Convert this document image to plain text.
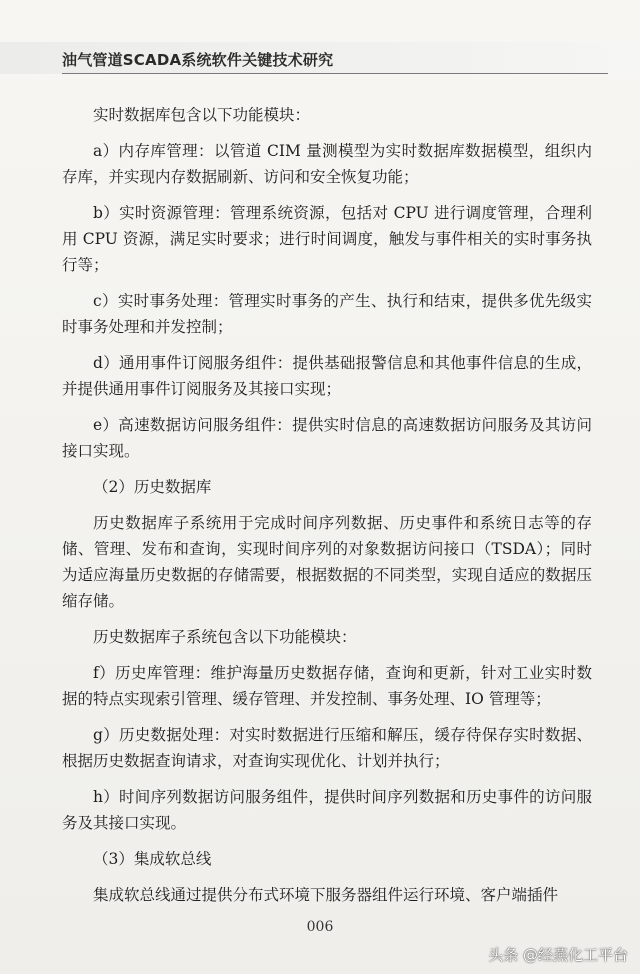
油气管道SCADA系统软件关键技术研究

实时数据库包含以下功能模块：

a）内存库管理：以管道 CIM 量测模型为实时数据库数据模型，组织内存库，并实现内存数据刷新、访问和安全恢复功能；

b）实时资源管理：管理系统资源，包括对 CPU 进行调度管理，合理利用 CPU 资源，满足实时要求；进行时间调度，触发与事件相关的实时事务执行等；

c）实时事务处理：管理实时事务的产生、执行和结束，提供多优先级实时事务处理和并发控制；

d）通用事件订阅服务组件：提供基础报警信息和其他事件信息的生成，并提供通用事件订阅服务及其接口实现；

e）高速数据访问服务组件：提供实时信息的高速数据访问服务及其访问接口实现。

（2）历史数据库

历史数据库子系统用于完成时间序列数据、历史事件和系统日志等的存储、管理、发布和查询，实现时间序列的对象数据访问接口（TSDA）；同时为适应海量历史数据的存储需要，根据数据的不同类型，实现自适应的数据压缩存储。

历史数据库子系统包含以下功能模块：

f）历史库管理：维护海量历史数据存储，查询和更新，针对工业实时数据的特点实现索引管理、缓存管理、并发控制、事务处理、IO 管理等；

g）历史数据处理：对实时数据进行压缩和解压，缓存待保存实时数据、根据历史数据查询请求，对查询实现优化、计划并执行；

h）时间序列数据访问服务组件，提供时间序列数据和历史事件的访问服务及其接口实现。

（3）集成软总线

集成软总线通过提供分布式环境下服务器组件运行环境、客户端插件

006
头条 @经燕化工平台
